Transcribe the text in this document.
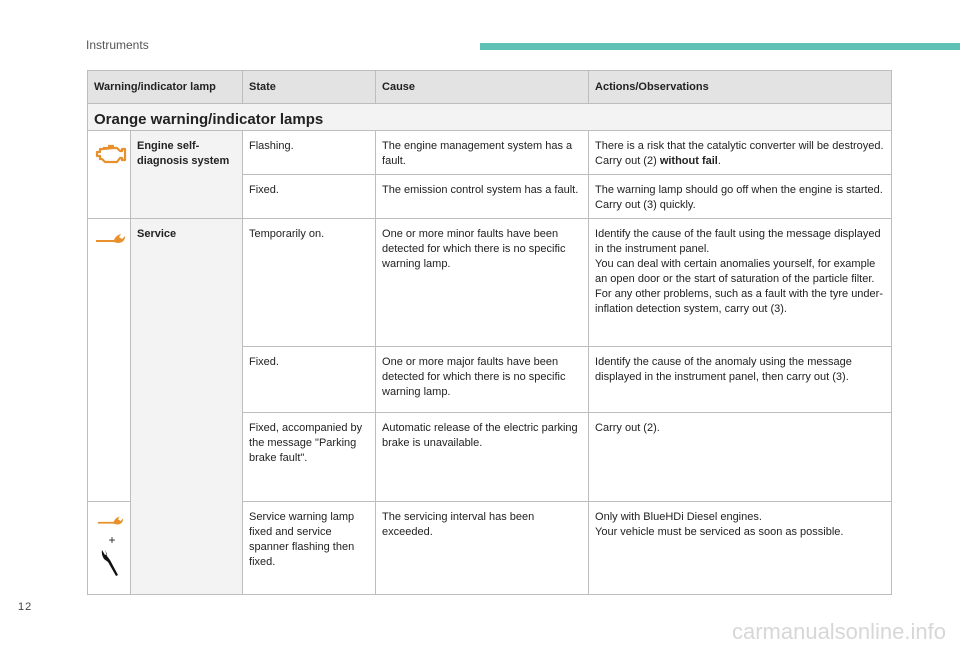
Instruments
Warning/indicator lamp		State	Cause	Actions/Observations
Orange warning/indicator lamps				

	Engine self-diagnosis system	Flashing.	The engine management system has a fault.	There is a risk that the catalytic converter will be destroyed. Carry out (2) without fail.
		Fixed.	The emission control system has a fault.	The warning lamp should go off when the engine is started. Carry out (3) quickly.

	Service	Temporarily on.	One or more minor faults have been detected for which there is no specific warning lamp.	Identify the cause of the fault using the message displayed in the instrument panel.
You can deal with certain anomalies yourself, for example an open door or the start of saturation of the particle filter.
For any other problems, such as a fault with the tyre under-inflation detection system, carry out (3).
		Fixed.	One or more major faults have been detected for which there is no specific warning lamp.	Identify the cause of the anomaly using the message displayed in the instrument panel, then carry out (3).
		Fixed, accompanied by the message "Parking brake fault".	Automatic release of the electric parking brake is unavailable.	Carry out (2).

+		Service warning lamp fixed and service spanner flashing then fixed.	The servicing interval has been exceeded.	Only with BlueHDi Diesel engines.
Your vehicle must be serviced as soon as possible.
12
carmanualsonline.info
